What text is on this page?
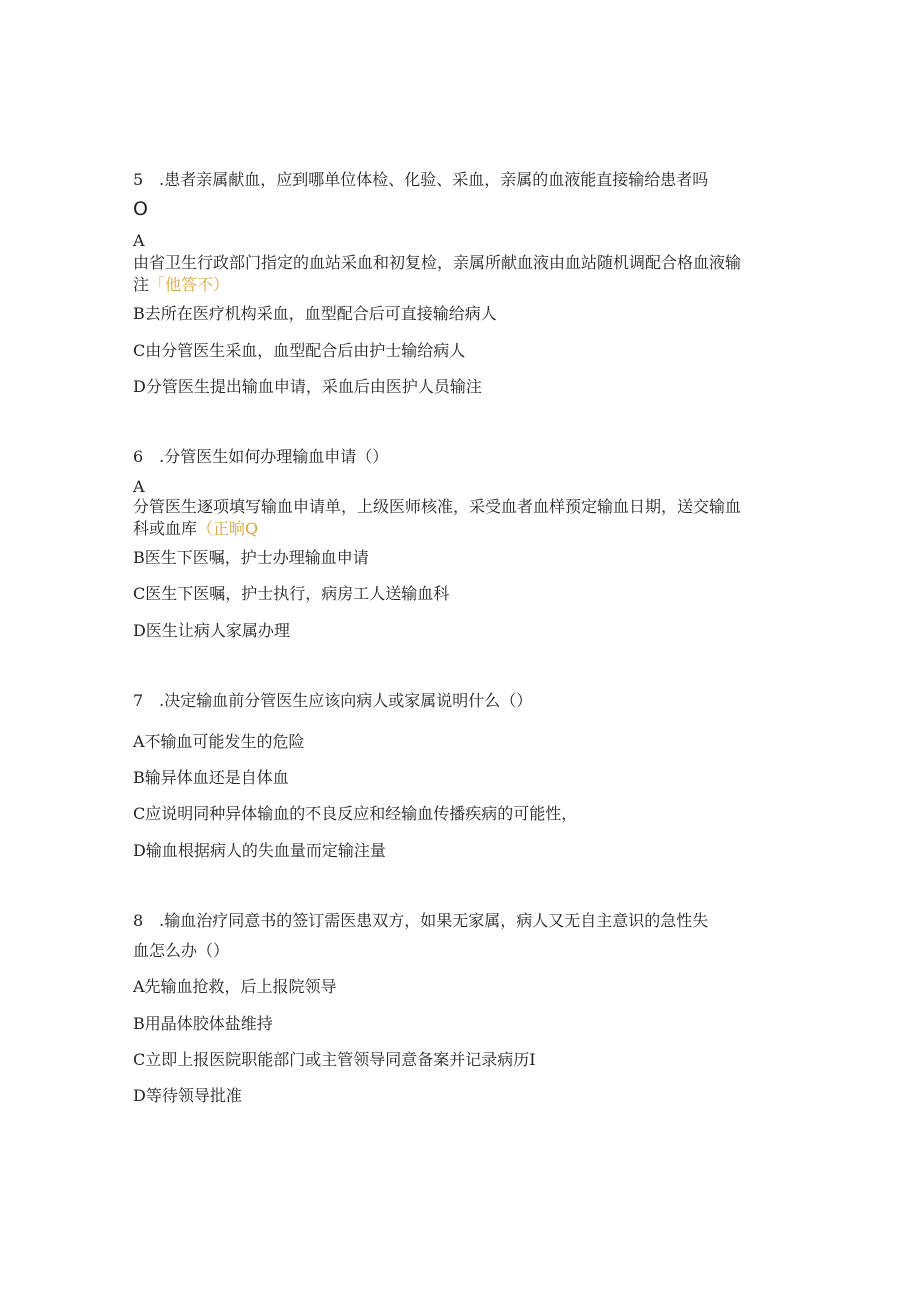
5　.患者亲属献血，应到哪单位体检、化验、采血，亲属的血液能直接输给患者吗
O
A
由省卫生行政部门指定的血站采血和初复检，亲属所献血液由血站随机调配合格血液输
注「他答不）
B去所在医疗机构采血，血型配合后可直接输给病人
C由分管医生采血，血型配合后由护士输给病人
D分管医生提出输血申请，采血后由医护人员输注
6　.分管医生如何办理输血申请（）
A
分管医生逐项填写输血申请单，上级医师核准，采受血者血样预定输血日期，送交输血
科或血库（正晌Q
B医生下医嘱，护士办理输血申请
C医生下医嘱，护士执行，病房工人送输血科
D医生让病人家属办理
7　.决定输血前分管医生应该向病人或家属说明什么（）
A不输血可能发生的危险
B输异体血还是自体血
C应说明同种异体输血的不良反应和经输血传播疾病的可能性，
D输血根据病人的失血量而定输注量
8　.输血治疗同意书的签订需医患双方，如果无家属，病人又无自主意识的急性失
血怎么办（）
A先输血抢救，后上报院领导
B用晶体胶体盐维持
C立即上报医院职能部门或主管领导同意备案并记录病历I
D等待领导批准
